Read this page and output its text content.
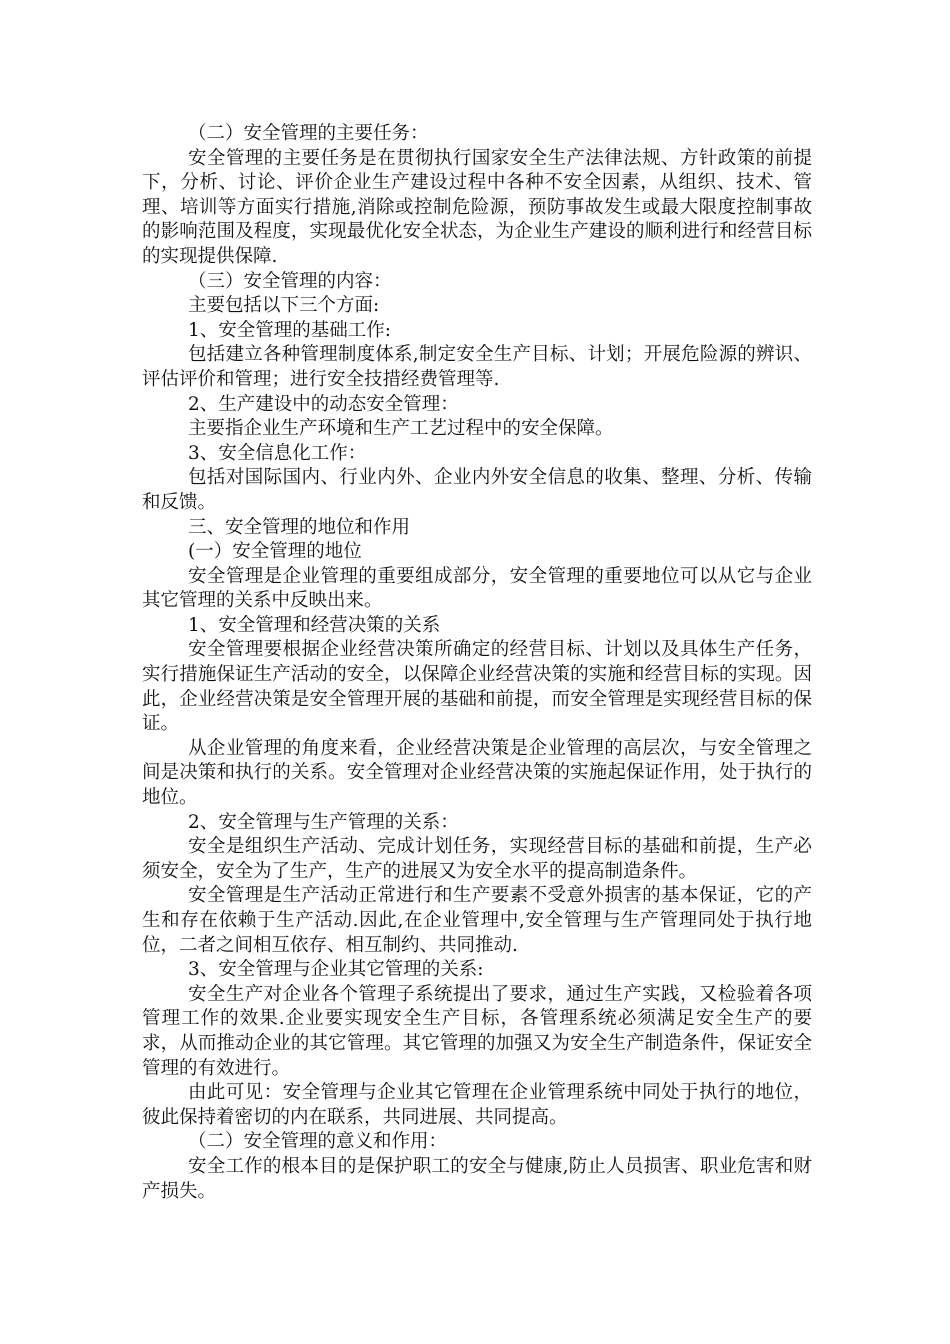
（二）安全管理的主要任务：

安全管理的主要任务是在贯彻执行国家安全生产法律法规、方针政策的前提下，分析、讨论、评价企业生产建设过程中各种不安全因素，从组织、技术、管理、培训等方面实行措施,消除或控制危险源，预防事故发生或最大限度控制事故的影响范围及程度，实现最优化安全状态，为企业生产建设的顺利进行和经营目标的实现提供保障.

（三）安全管理的内容：

主要包括以下三个方面:

1、安全管理的基础工作:

包括建立各种管理制度体系,制定安全生产目标、计划；开展危险源的辨识、评估评价和管理；进行安全技措经费管理等.

2、生产建设中的动态安全管理：

主要指企业生产环境和生产工艺过程中的安全保障。

3、安全信息化工作：

包括对国际国内、行业内外、企业内外安全信息的收集、整理、分析、传输和反馈。

三、安全管理的地位和作用

(一）安全管理的地位

安全管理是企业管理的重要组成部分，安全管理的重要地位可以从它与企业其它管理的关系中反映出来。

1、安全管理和经营决策的关系

安全管理要根据企业经营决策所确定的经营目标、计划以及具体生产任务，实行措施保证生产活动的安全，以保障企业经营决策的实施和经营目标的实现。因此，企业经营决策是安全管理开展的基础和前提，而安全管理是实现经营目标的保证。

从企业管理的角度来看，企业经营决策是企业管理的高层次，与安全管理之间是决策和执行的关系。安全管理对企业经营决策的实施起保证作用，处于执行的地位。

2、安全管理与生产管理的关系：

安全是组织生产活动、完成计划任务，实现经营目标的基础和前提，生产必须安全，安全为了生产，生产的进展又为安全水平的提高制造条件。

安全管理是生产活动正常进行和生产要素不受意外损害的基本保证，它的产生和存在依赖于生产活动.因此,在企业管理中,安全管理与生产管理同处于执行地位，二者之间相互依存、相互制约、共同推动.

3、安全管理与企业其它管理的关系:

安全生产对企业各个管理子系统提出了要求，通过生产实践，又检验着各项管理工作的效果.企业要实现安全生产目标，各管理系统必须满足安全生产的要求，从而推动企业的其它管理。其它管理的加强又为安全生产制造条件，保证安全管理的有效进行。

由此可见：安全管理与企业其它管理在企业管理系统中同处于执行的地位，彼此保持着密切的内在联系，共同进展、共同提高。

（二）安全管理的意义和作用：

安全工作的根本目的是保护职工的安全与健康,防止人员损害、职业危害和财产损失。
